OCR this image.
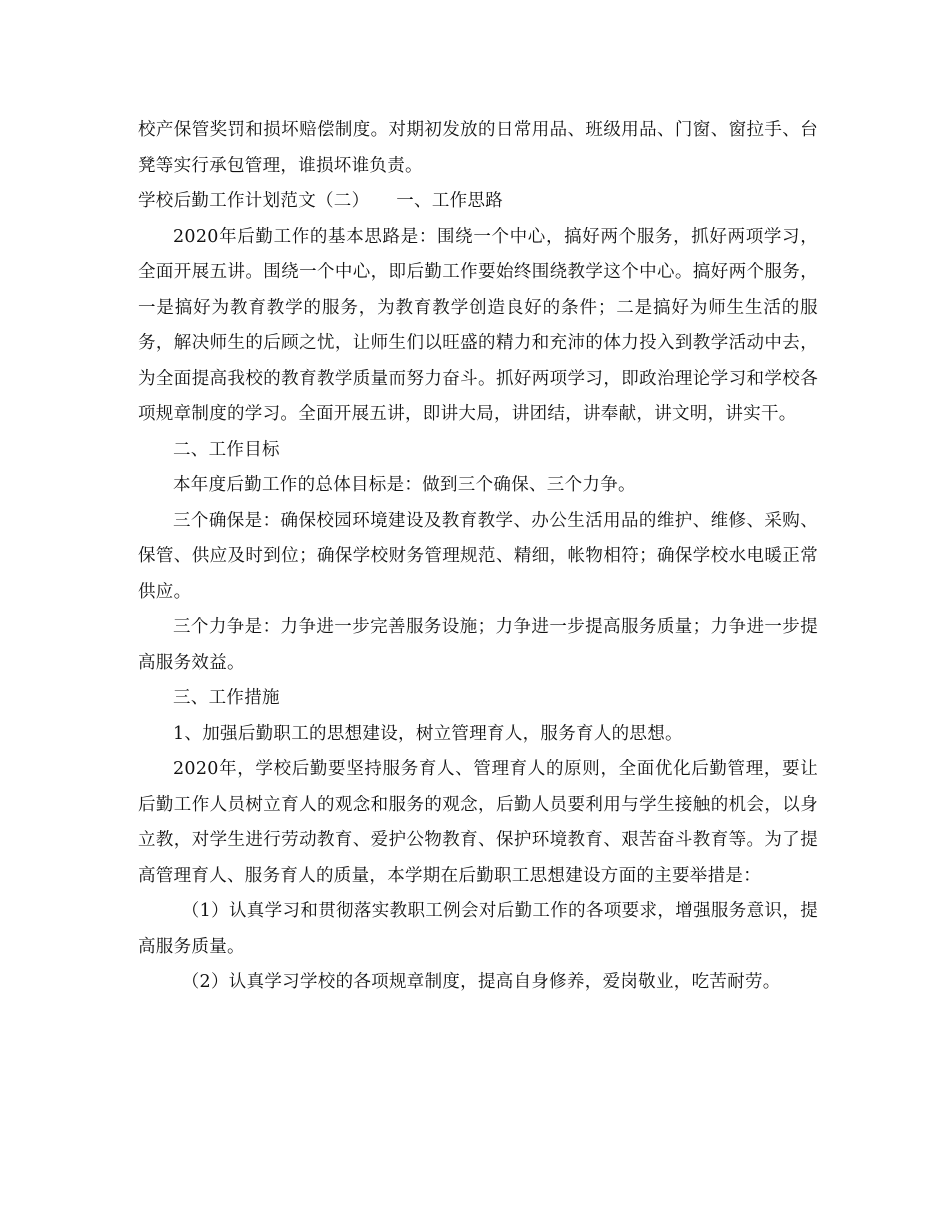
校产保管奖罚和损坏赔偿制度。对期初发放的日常用品、班级用品、门窗、窗拉手、台凳等实行承包管理，谁损坏谁负责。

学校后勤工作计划范文（二）　　一、工作思路

2020年后勤工作的基本思路是：围绕一个中心，搞好两个服务，抓好两项学习，全面开展五讲。围绕一个中心，即后勤工作要始终围绕教学这个中心。搞好两个服务，一是搞好为教育教学的服务，为教育教学创造良好的条件；二是搞好为师生生活的服务，解决师生的后顾之忧，让师生们以旺盛的精力和充沛的体力投入到教学活动中去，为全面提高我校的教育教学质量而努力奋斗。抓好两项学习，即政治理论学习和学校各项规章制度的学习。全面开展五讲，即讲大局，讲团结，讲奉献，讲文明，讲实干。

二、工作目标

本年度后勤工作的总体目标是：做到三个确保、三个力争。

三个确保是：确保校园环境建设及教育教学、办公生活用品的维护、维修、采购、保管、供应及时到位；确保学校财务管理规范、精细，帐物相符；确保学校水电暖正常供应。

三个力争是：力争进一步完善服务设施；力争进一步提高服务质量；力争进一步提高服务效益。

三、工作措施

1、加强后勤职工的思想建设，树立管理育人，服务育人的思想。

2020年，学校后勤要坚持服务育人、管理育人的原则，全面优化后勤管理，要让后勤工作人员树立育人的观念和服务的观念，后勤人员要利用与学生接触的机会，以身立教，对学生进行劳动教育、爱护公物教育、保护环境教育、艰苦奋斗教育等。为了提高管理育人、服务育人的质量，本学期在后勤职工思想建设方面的主要举措是：

（1）认真学习和贯彻落实教职工例会对后勤工作的各项要求，增强服务意识，提高服务质量。

（2）认真学习学校的各项规章制度，提高自身修养，爱岗敬业，吃苦耐劳。
